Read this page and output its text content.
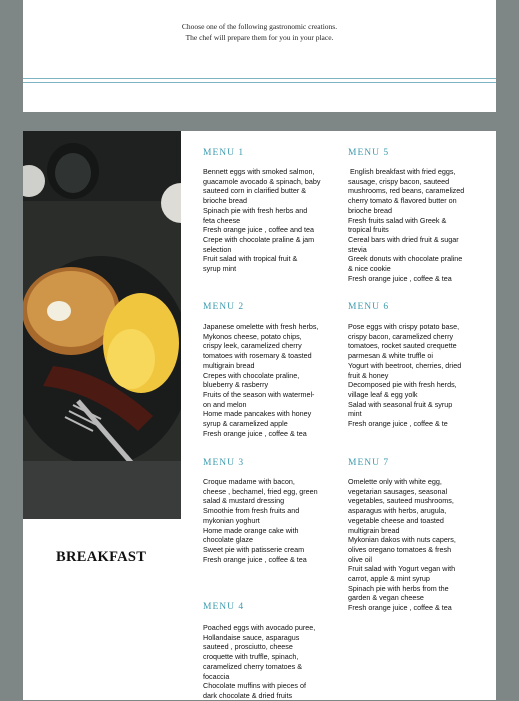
Choose one of the following gastronomic creations.
The chef will prepare them for you in your place.
BREAKFAST
MENU 1
Bennett eggs with smoked salmon,
guacamole avocado & spinach, baby
sauteed corn in clarified butter &
brioche bread
Spinach pie with fresh herbs and
feta cheese
Fresh orange juice , coffee and tea
Crepe with chocolate praline & jam
selection
Fruit salad with tropical fruit &
syrup mint
MENU 2
Japanese omelette with fresh herbs,
Mykonos cheese, potato chips,
crispy leek, caramelized cherry
tomatoes with rosemary & toasted
multigrain bread
Crepes with chocolate praline,
blueberry & rasberry
Fruits of the season with watermel-
on and melon
Home made pancakes with honey
syrup & caramelized apple
Fresh orange juice , coffee & tea
MENU 3
Croque madame with bacon,
cheese , bechamel, fried egg, green
salad & mustard dressing
Smoothie from fresh fruits and
mykonian yoghurt
Home made orange cake with
chocolate glaze
Sweet pie with patisserie cream
Fresh orange juice , coffee & tea
MENU 4
Poached eggs with avocado puree,
Hollandaise sauce, asparagus
sauteed , prosciutto, cheese
croquette with truffle, spinach,
caramelized cherry tomatoes &
focaccia
Chocolate muffins with pieces of
dark chocolate & dried fruits
MENU 5
English breakfast with fried eggs,
sausage, crispy bacon, sauteed
mushrooms, red beans, caramelized
cherry tomato & flavored butter on
brioche bread
Fresh fruits salad with Greek &
tropical fruits
Cereal bars with dried fruit & sugar
stevia
Greek donuts with chocolate praline
& nice cookie
Fresh orange juice , coffee & tea
MENU 6
Pose eggs with crispy potato base,
crispy bacon, caramelized cherry
tomatoes, rocket sauted crequette
parmesan & white truffle oi
Yogurt with beetroot, cherries, dried
fruit & honey
Decomposed pie with fresh herds,
village leaf & egg yolk
Salad with seasonal fruit & syrup
mint
Fresh orange juice , coffee & te
MENU 7
Omelette only with white egg,
vegetarian sausages, seasonal
vegetables, sauteed mushrooms,
asparagus with herbs, arugula,
vegetable cheese and toasted
multigrain bread
Mykonian dakos with nuts capers,
olives oregano tomatoes & fresh
olive oil
Fruit salad with Yogurt vegan with
carrot, apple & mint syrup
Spinach pie with herbs from the
garden & vegan cheese
Fresh orange juice , coffee & tea
